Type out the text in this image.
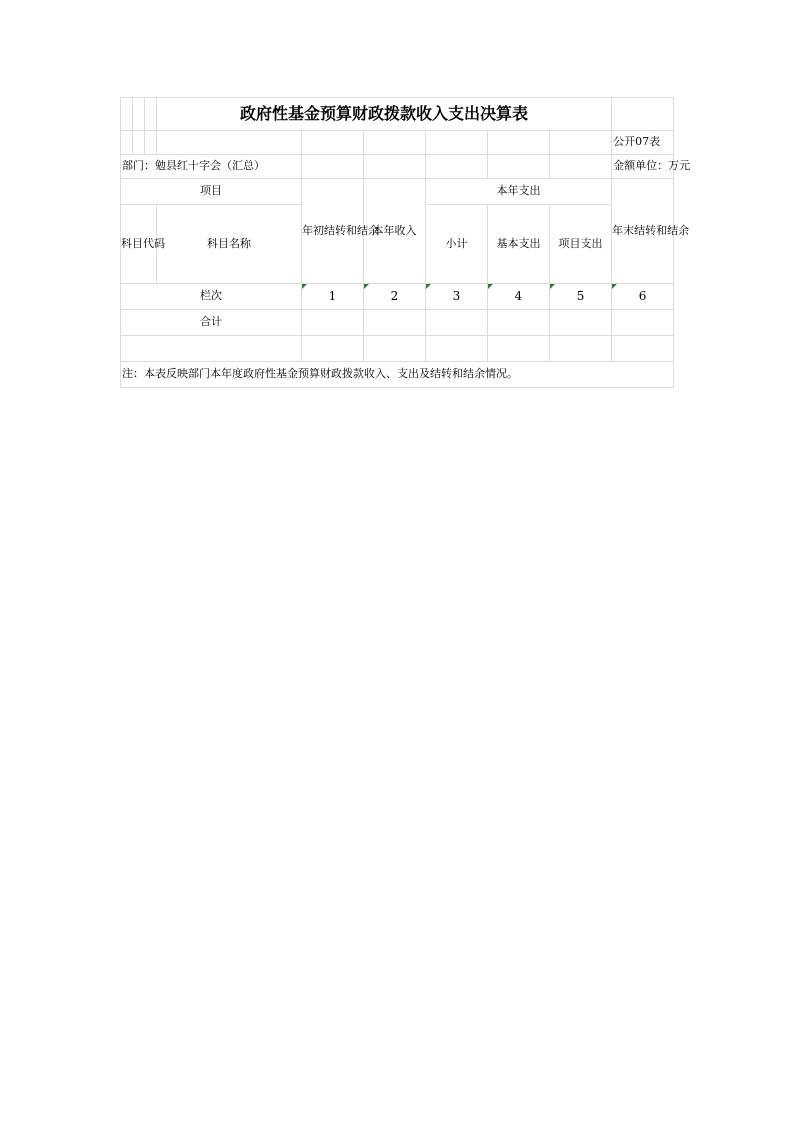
			政府性基金预算财政拨款收入支出决算表						
									公开07表
部门：勉县红十字会（汇总）									金额单位：万元
项目				年初结转和结余	本年收入	本年支出			年末结转和结余
科目代码			科目名称			小计	基本支出	项目支出	
栏次				1	2	3	4	5	6
合计									

注：本表反映部门本年度政府性基金预算财政拨款收入、支出及结转和结余情况。									
